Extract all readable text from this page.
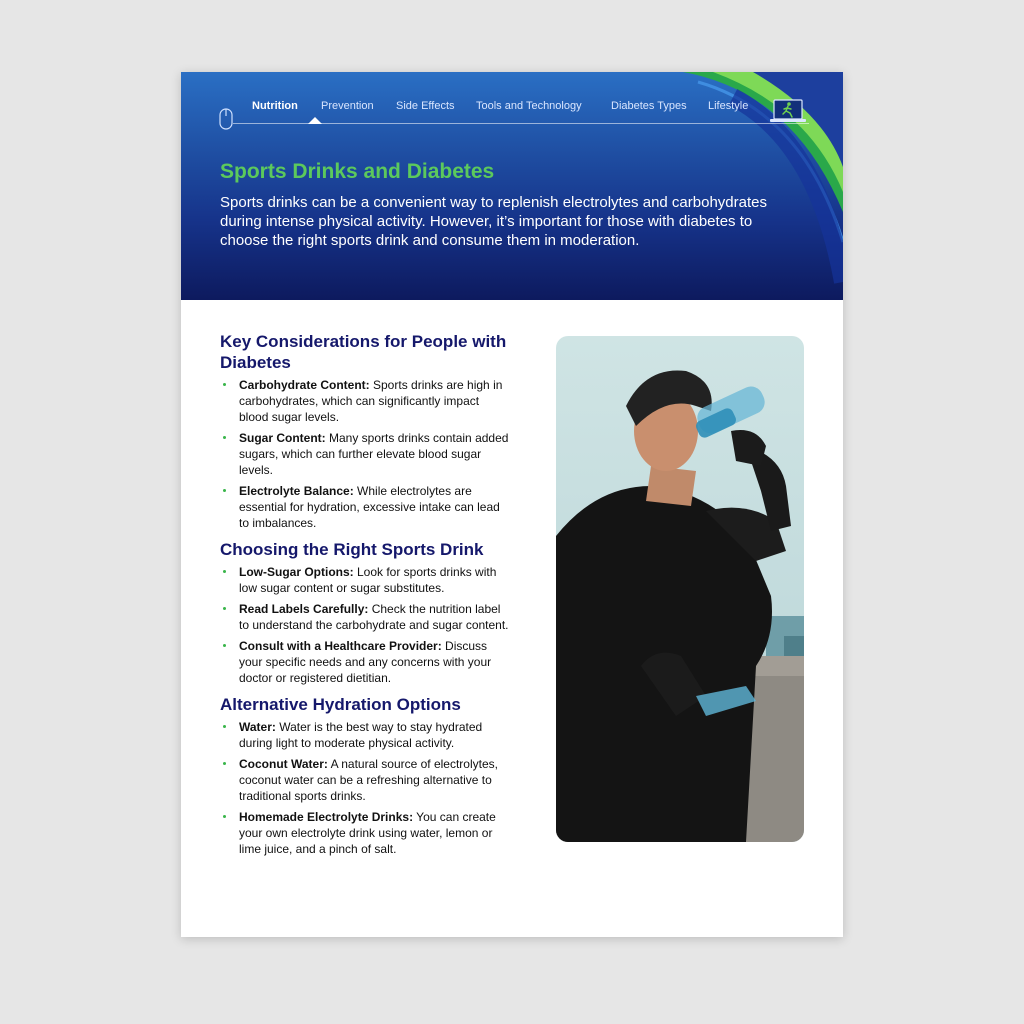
Nutrition Prevention Side Effects Tools and Technology	Diabetes Types Lifestyle
Sports Drinks and Diabetes

Sports drinks can be a convenient way to replenish electrolytes and carbohydrates during intense physical activity. However, it’s important for those with diabetes to choose the right sports drink and consume them in moderation.

Key Considerations for People with Diabetes
Carbohydrate Content: Sports drinks are high in carbohydrates, which can significantly impact blood sugar levels.
Sugar Content: Many sports drinks contain added sugars, which can further elevate blood sugar levels.
Electrolyte Balance: While electrolytes are essential for hydration, excessive intake can lead to imbalances.
Choosing the Right Sports Drink
Low-Sugar Options: Look for sports drinks with low sugar content or sugar substitutes.
Read Labels Carefully: Check the nutrition label to understand the carbohydrate and sugar content.
Consult with a Healthcare Provider: Discuss your specific needs and any concerns with your doctor or registered dietitian.
Alternative Hydration Options
Water: Water is the best way to stay hydrated during light to moderate physical activity.
Coconut Water: A natural source of electrolytes, coconut water can be a refreshing alternative to traditional sports drinks.
Homemade Electrolyte Drinks: You can create your own electrolyte drink using water, lemon or lime juice, and a pinch of salt.
